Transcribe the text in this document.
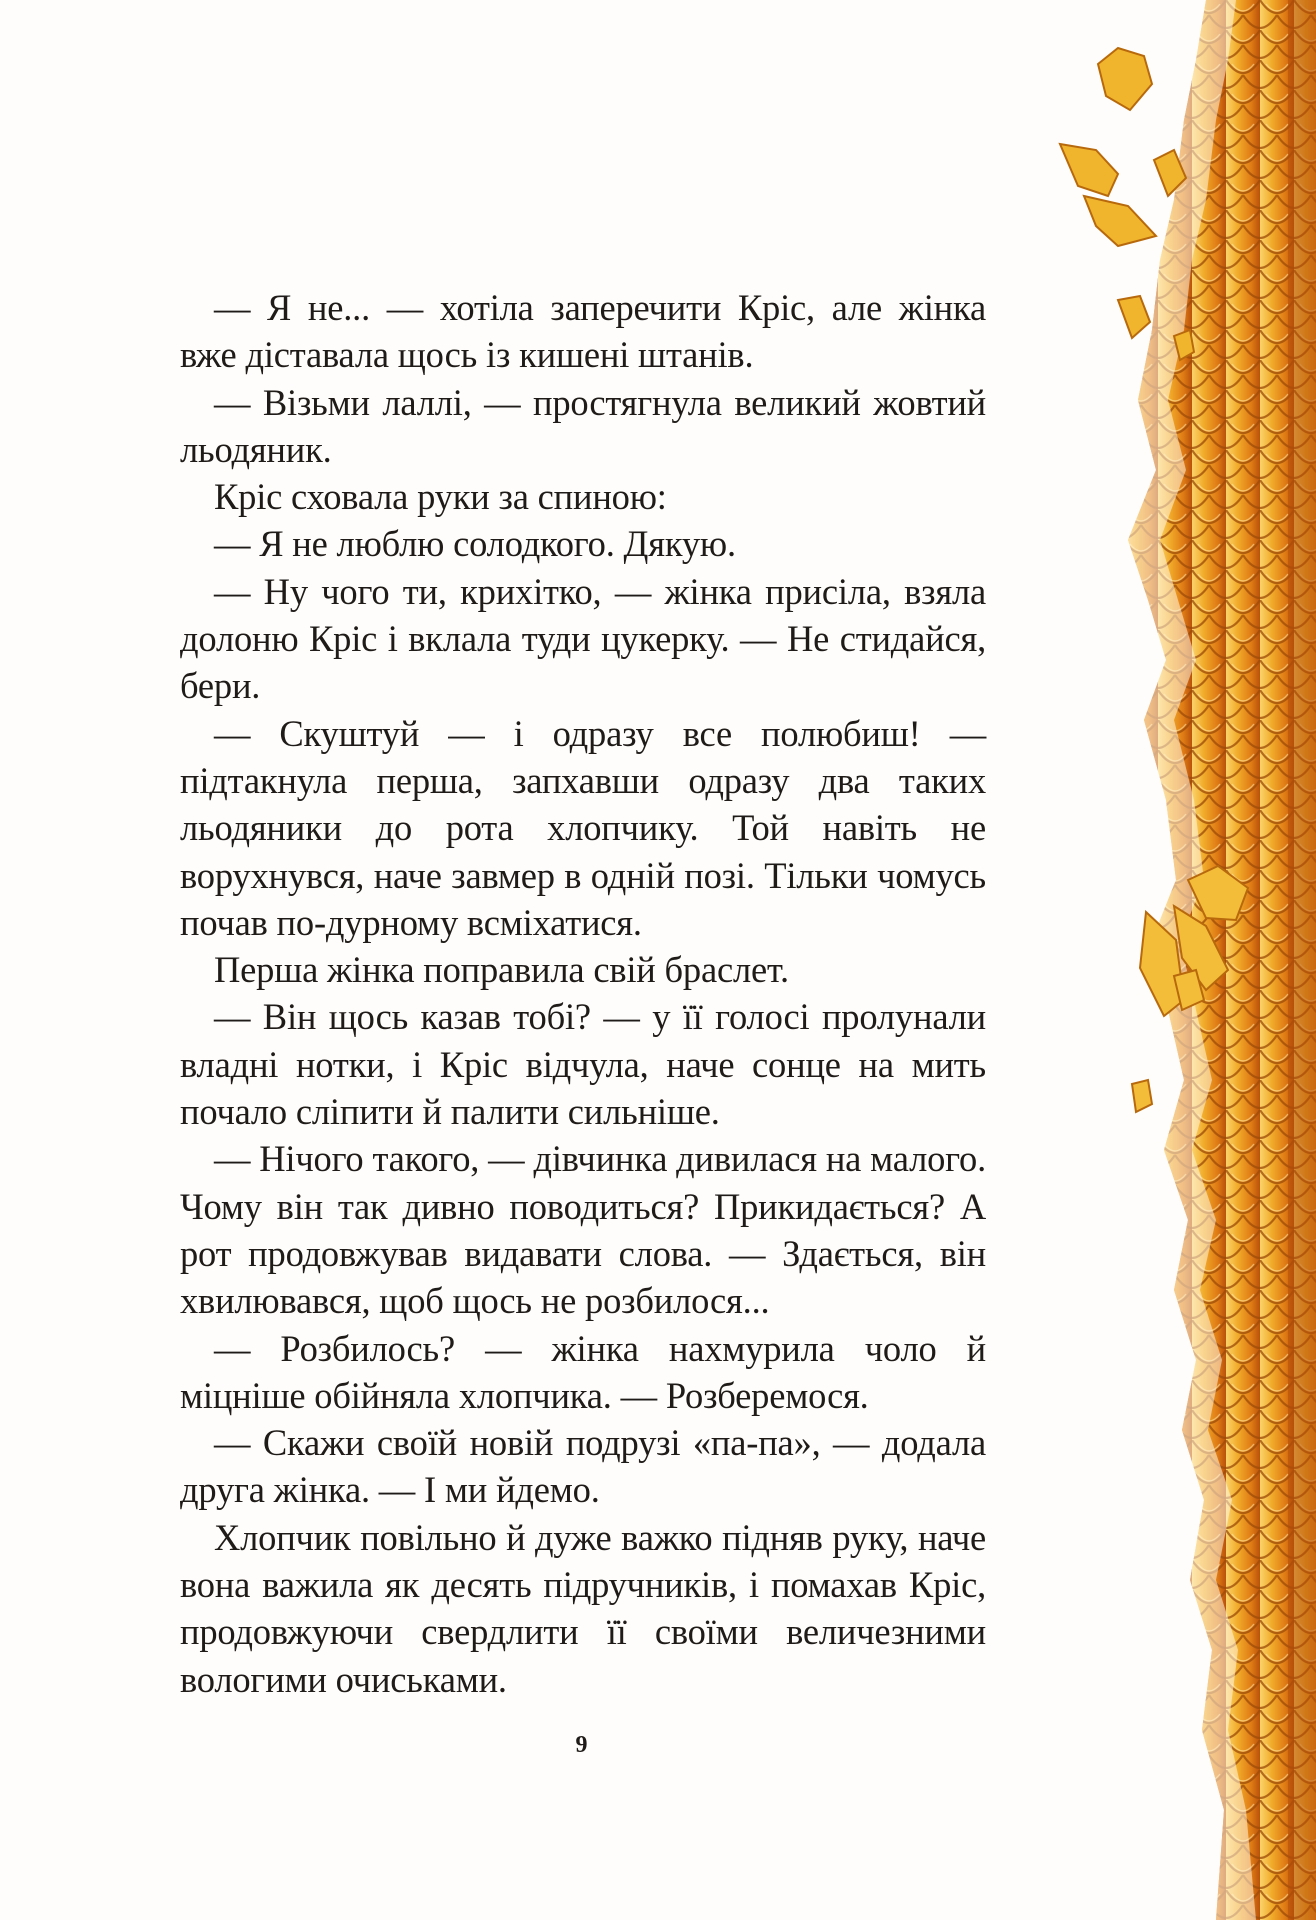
— Я не... — хотіла заперечити Кріс, але жінка вже діставала щось із кишені штанів.

— Візьми лаллі, — простягнула великий жовтий льодяник.

Кріс сховала руки за спиною:

— Я не люблю солодкого. Дякую.

— Ну чого ти, крихітко, — жінка присіла, взяла долоню Кріс і вклала туди цукерку. — Не стидайся, бери.

— Скуштуй — і одразу все полюбиш! — підтакнула перша, запхавши одразу два таких льодяники до рота хлопчику. Той навіть не ворухнувся, наче завмер в одній позі. Тільки чомусь почав по-дурному всміхатися.

Перша жінка поправила свій браслет.

— Він щось казав тобі? — у її голосі пролунали владні нотки, і Кріс відчула, наче сонце на мить почало сліпити й палити сильніше.

— Нічого такого, — дівчинка дивилася на малого. Чому він так дивно поводиться? Прикидається? А рот продовжував видавати слова. — Здається, він хвилювався, щоб щось не розбилося...

— Розбилось? — жінка нахмурила чоло й міцніше обійняла хлопчика. — Розберемося.

— Скажи своїй новій подрузі «па-па», — додала друга жінка. — І ми йдемо.

Хлопчик повільно й дуже важко підняв руку, наче вона важила як десять підручників, і помахав Кріс, продовжуючи свердлити її своїми величезними вологими очиськами.

9
